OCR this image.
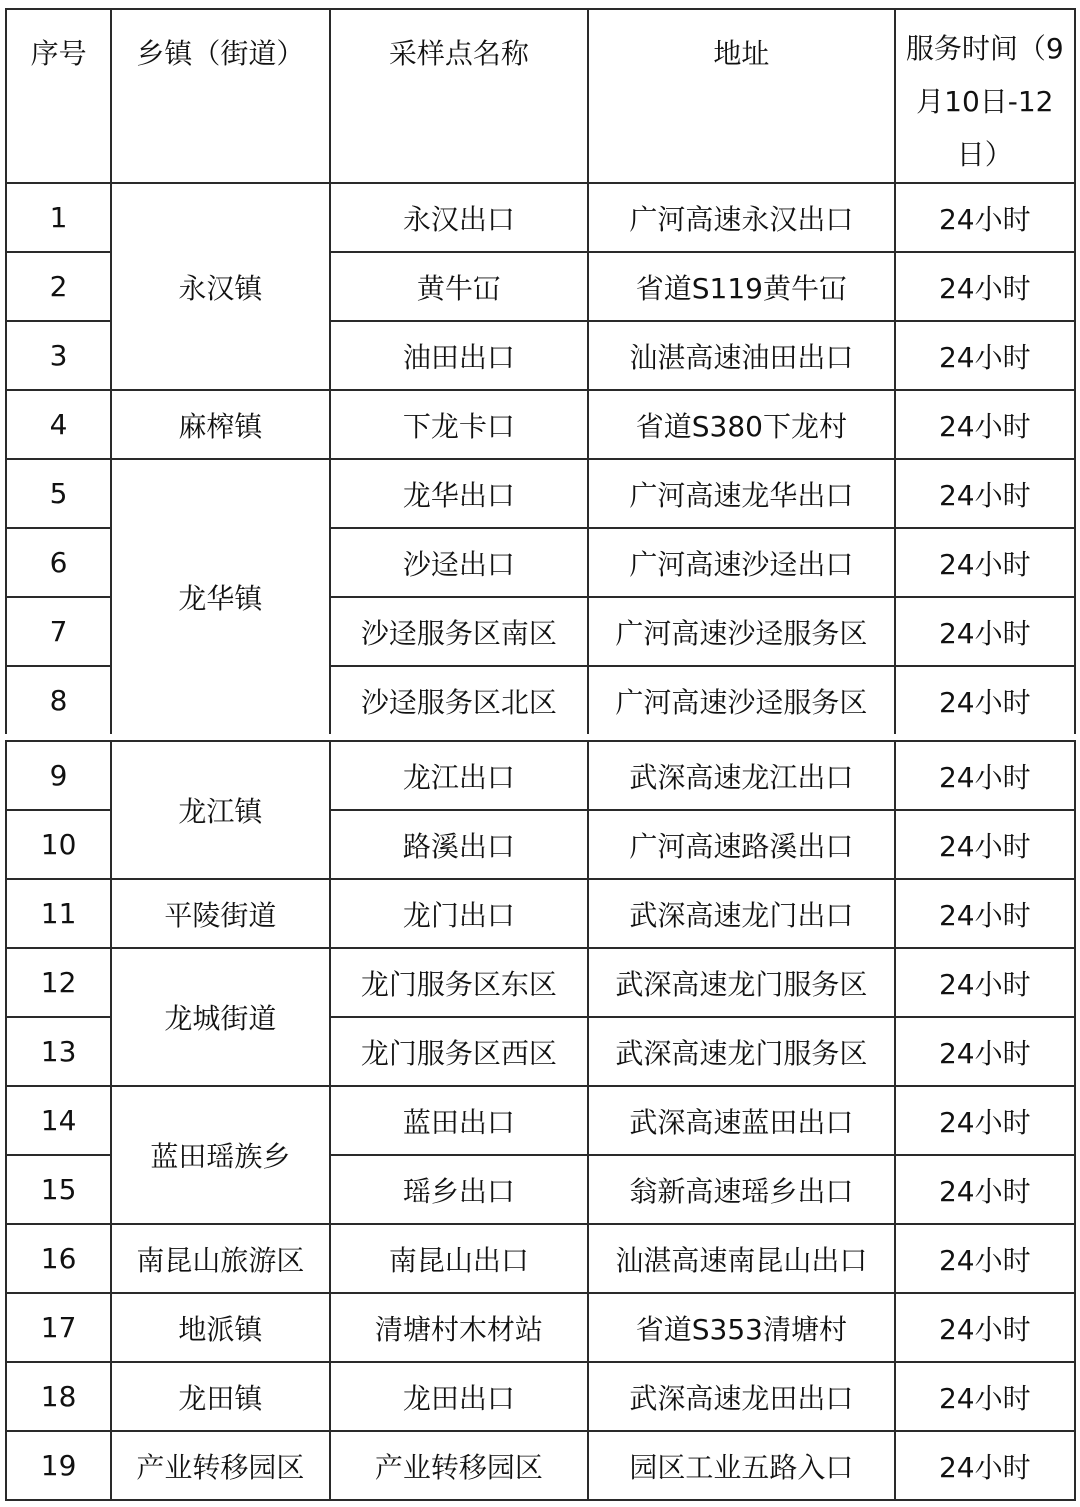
序号	乡镇（街道）	采样点名称	地址	服务时间（9月10日-12日）
1	永汉镇	永汉出口	广河高速永汉出口	24小时
2		黄牛冚	省道S119黄牛冚	24小时
3		油田出口	汕湛高速油田出口	24小时
4	麻榨镇	下龙卡口	省道S380下龙村	24小时
5	龙华镇	龙华出口	广河高速龙华出口	24小时
6		沙迳出口	广河高速沙迳出口	24小时
7		沙迳服务区南区	广河高速沙迳服务区	24小时
8		沙迳服务区北区	广河高速沙迳服务区	24小时
9	龙江镇	龙江出口	武深高速龙江出口	24小时
10		路溪出口	广河高速路溪出口	24小时
11	平陵街道	龙门出口	武深高速龙门出口	24小时
12	龙城街道	龙门服务区东区	武深高速龙门服务区	24小时
13		龙门服务区西区	武深高速龙门服务区	24小时
14	蓝田瑶族乡	蓝田出口	武深高速蓝田出口	24小时
15		瑶乡出口	翁新高速瑶乡出口	24小时
16	南昆山旅游区	南昆山出口	汕湛高速南昆山出口	24小时
17	地派镇	清塘村木材站	省道S353清塘村	24小时
18	龙田镇	龙田出口	武深高速龙田出口	24小时
19	产业转移园区	产业转移园区	园区工业五路入口	24小时
